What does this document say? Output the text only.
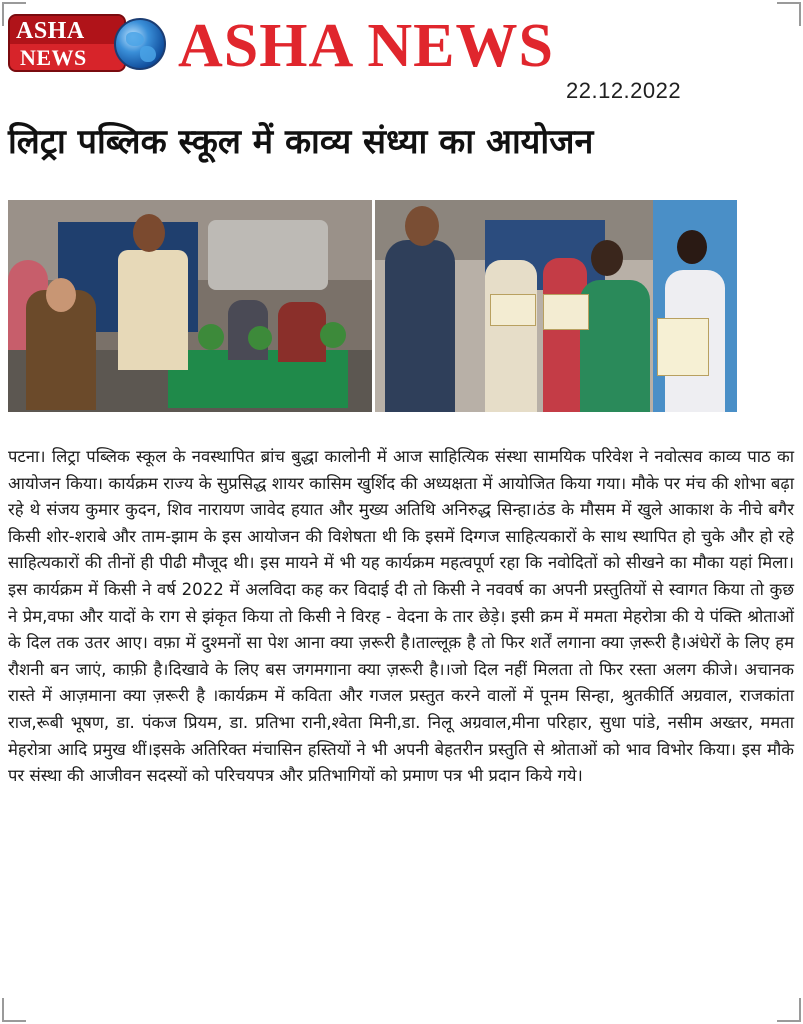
ASHA
NEWS ASHA NEWS
22.12.2022
लिट्रा पब्लिक स्कूल में काव्य संध्या का आयोजन
पटना। लिट्रा पब्लिक स्कूल के नवस्थापित ब्रांच बुद्धा कालोनी में आज साहित्यिक संस्था सामयिक परिवेश ने नवोत्सव काव्य पाठ का आयोजन किया। कार्यक्रम राज्य के सुप्रसिद्ध शायर कासिम खुर्शिद की अध्यक्षता में आयोजित किया गया। मौके पर मंच की शोभा बढ़ा रहे थे संजय कुमार कुदन, शिव नारायण जावेद हयात और मुख्य अतिथि अनिरुद्ध सिन्हा।ठंड के मौसम में खुले आकाश के नीचे बगैर किसी शोर-शराबे और ताम-झाम के इस आयोजन की विशेषता थी कि इसमें दिग्गज साहित्यकारों के साथ स्थापित हो चुके और हो रहे साहित्यकारों की तीनों ही पीढी मौजूद थी। इस मायने में भी यह कार्यक्रम महत्वपूर्ण रहा कि नवोदितों को सीखने का मौका यहां मिला। इस कार्यक्रम में किसी ने वर्ष 2022 में अलविदा कह कर विदाई दी तो किसी ने नववर्ष का अपनी प्रस्तुतियों से स्वागत किया तो कुछ ने प्रेम,वफा और यादों के राग से झंकृत किया तो किसी ने विरह - वेदना के तार छेड़े। इसी क्रम में ममता मेहरोत्रा की ये पंक्ति श्रोताओं के दिल तक उतर आए। वफ़ा में दुश्मनों सा पेश आना क्या ज़रूरी है।ताल्लूक़ है तो फिर शर्तें लगाना क्या ज़रूरी है।अंधेरों के लिए हम रौशनी बन जाएं, काफ़ी है।दिखावे के लिए बस जगमगाना क्या ज़रूरी है।।जो दिल नहीं मिलता तो फिर रस्ता अलग कीजे। अचानक रास्ते में आज़माना क्या ज़रूरी है ।कार्यक्रम में कविता और गजल प्रस्तुत करने वालों में पूनम सिन्हा, श्रुतकीर्ति अग्रवाल, राजकांता राज,रूबी भूषण, डा. पंकज प्रियम, डा. प्रतिभा रानी,श्वेता मिनी,डा. निलू अग्रवाल,मीना परिहार, सुधा पांडे, नसीम अख्तर, ममता मेहरोत्रा आदि प्रमुख थीं।इसके अतिरिक्त मंचासिन हस्तियों ने भी अपनी बेहतरीन प्रस्तुति से श्रोताओं को भाव विभोर किया। इस मौके पर संस्था की आजीवन सदस्यों को परिचयपत्र और प्रतिभागियों को प्रमाण पत्र भी प्रदान किये गये।
